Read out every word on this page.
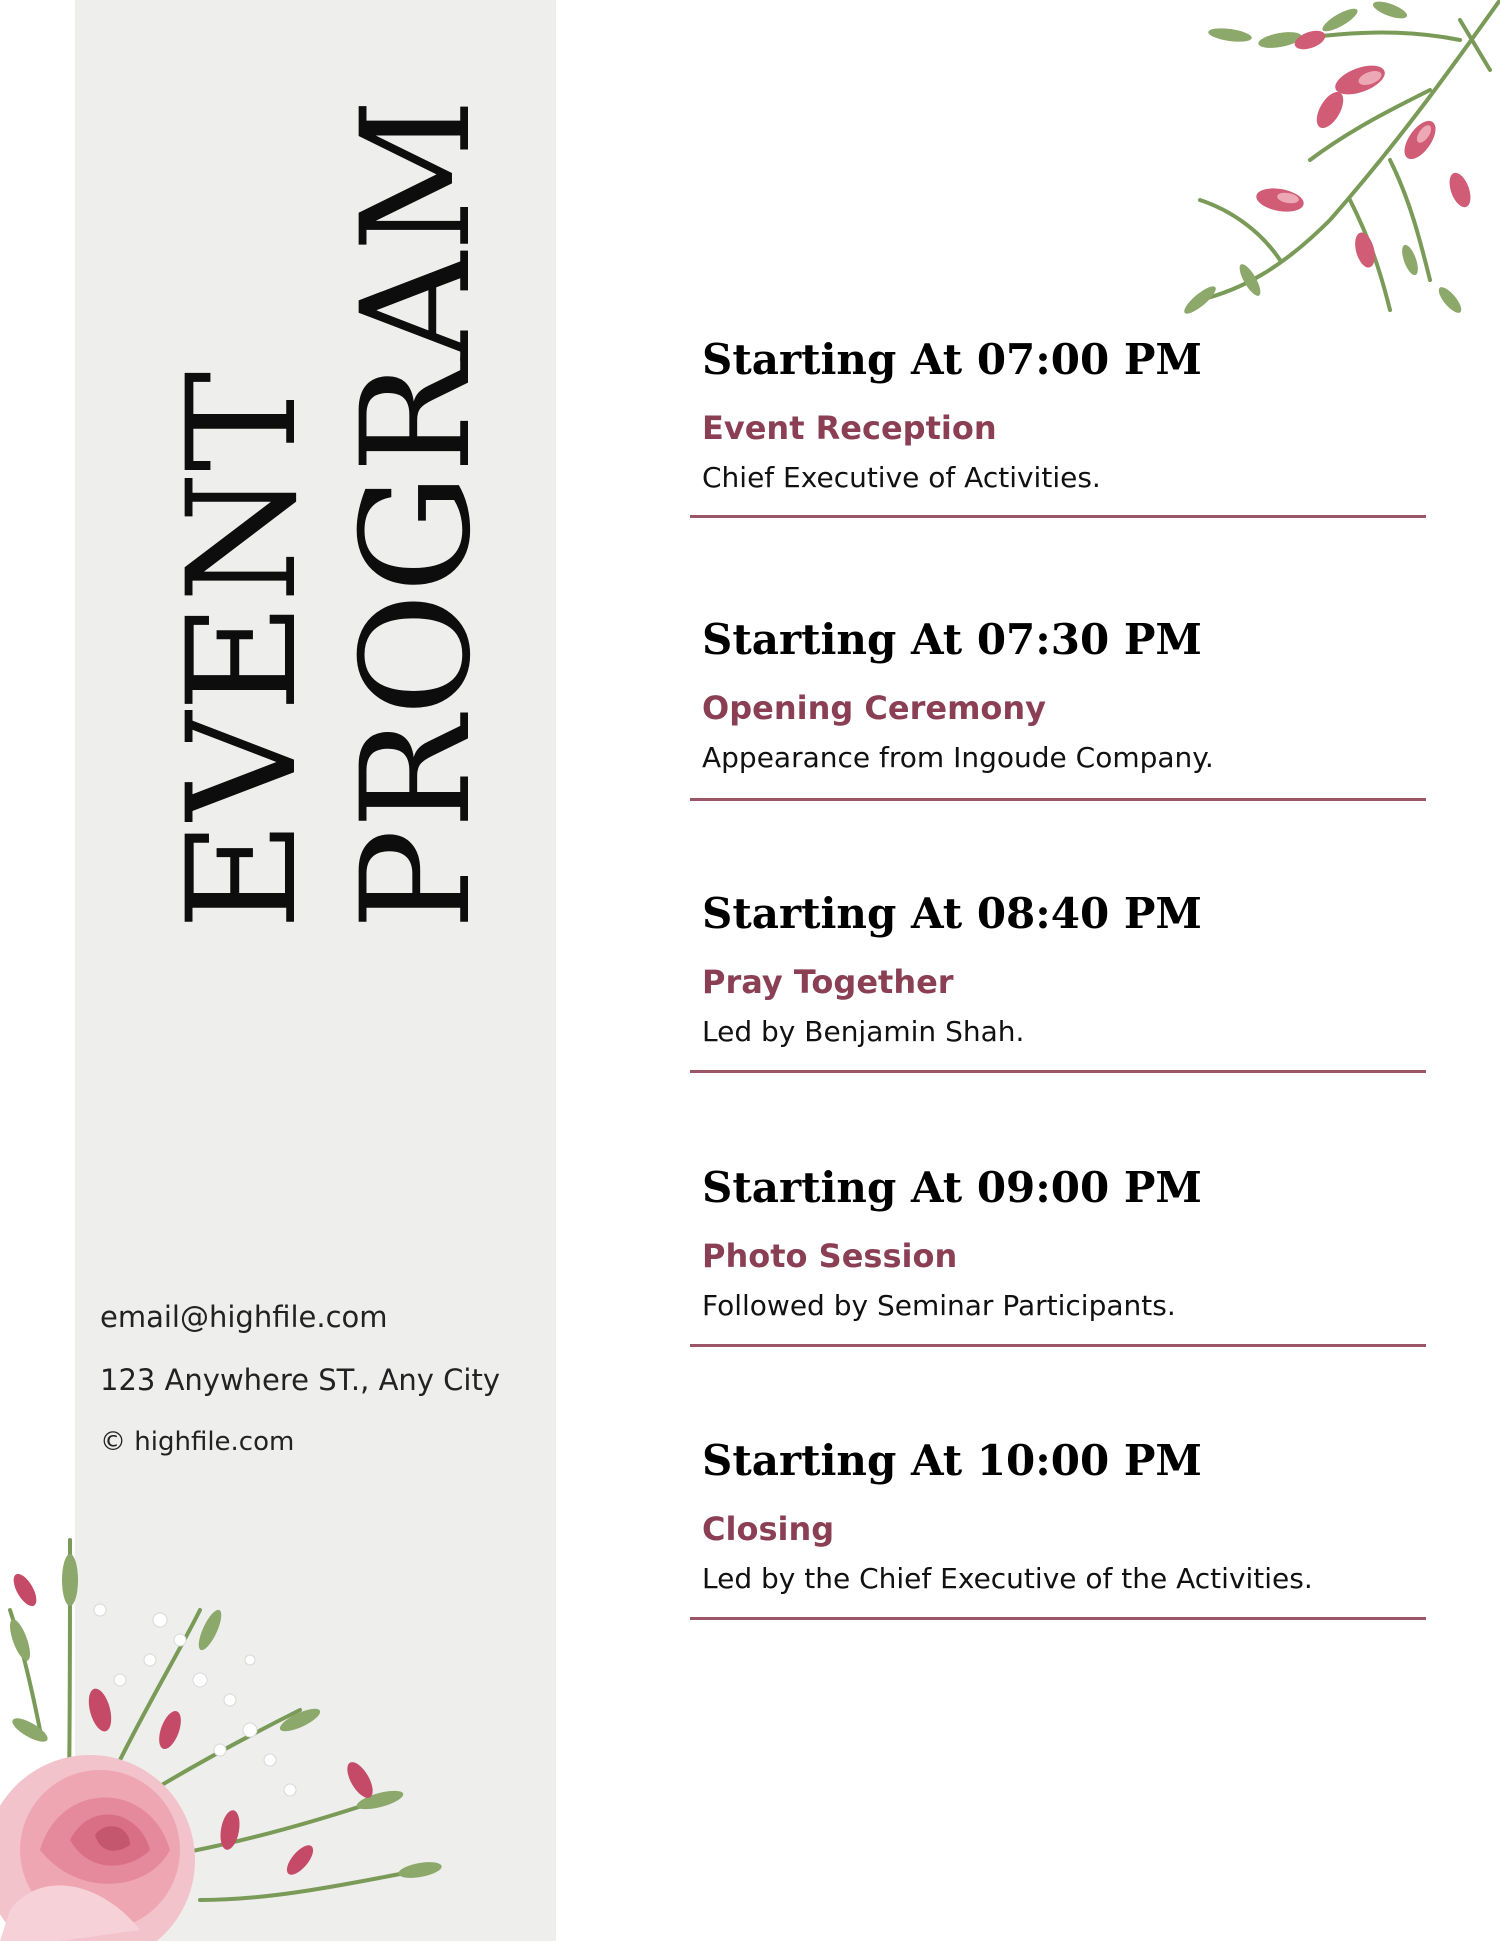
EVENT PROGRAM
email@highfile.com
123 Anywhere ST., Any City
© highfile.com
Starting At 07:00 PM
Event Reception
Chief Executive of Activities.
Starting At 07:30 PM
Opening Ceremony
Appearance from Ingoude Company.
Starting At 08:40 PM
Pray Together
Led by Benjamin Shah.
Starting At 09:00 PM
Photo Session
Followed by Seminar Participants.
Starting At 10:00 PM
Closing
Led by the Chief Executive of the Activities.
